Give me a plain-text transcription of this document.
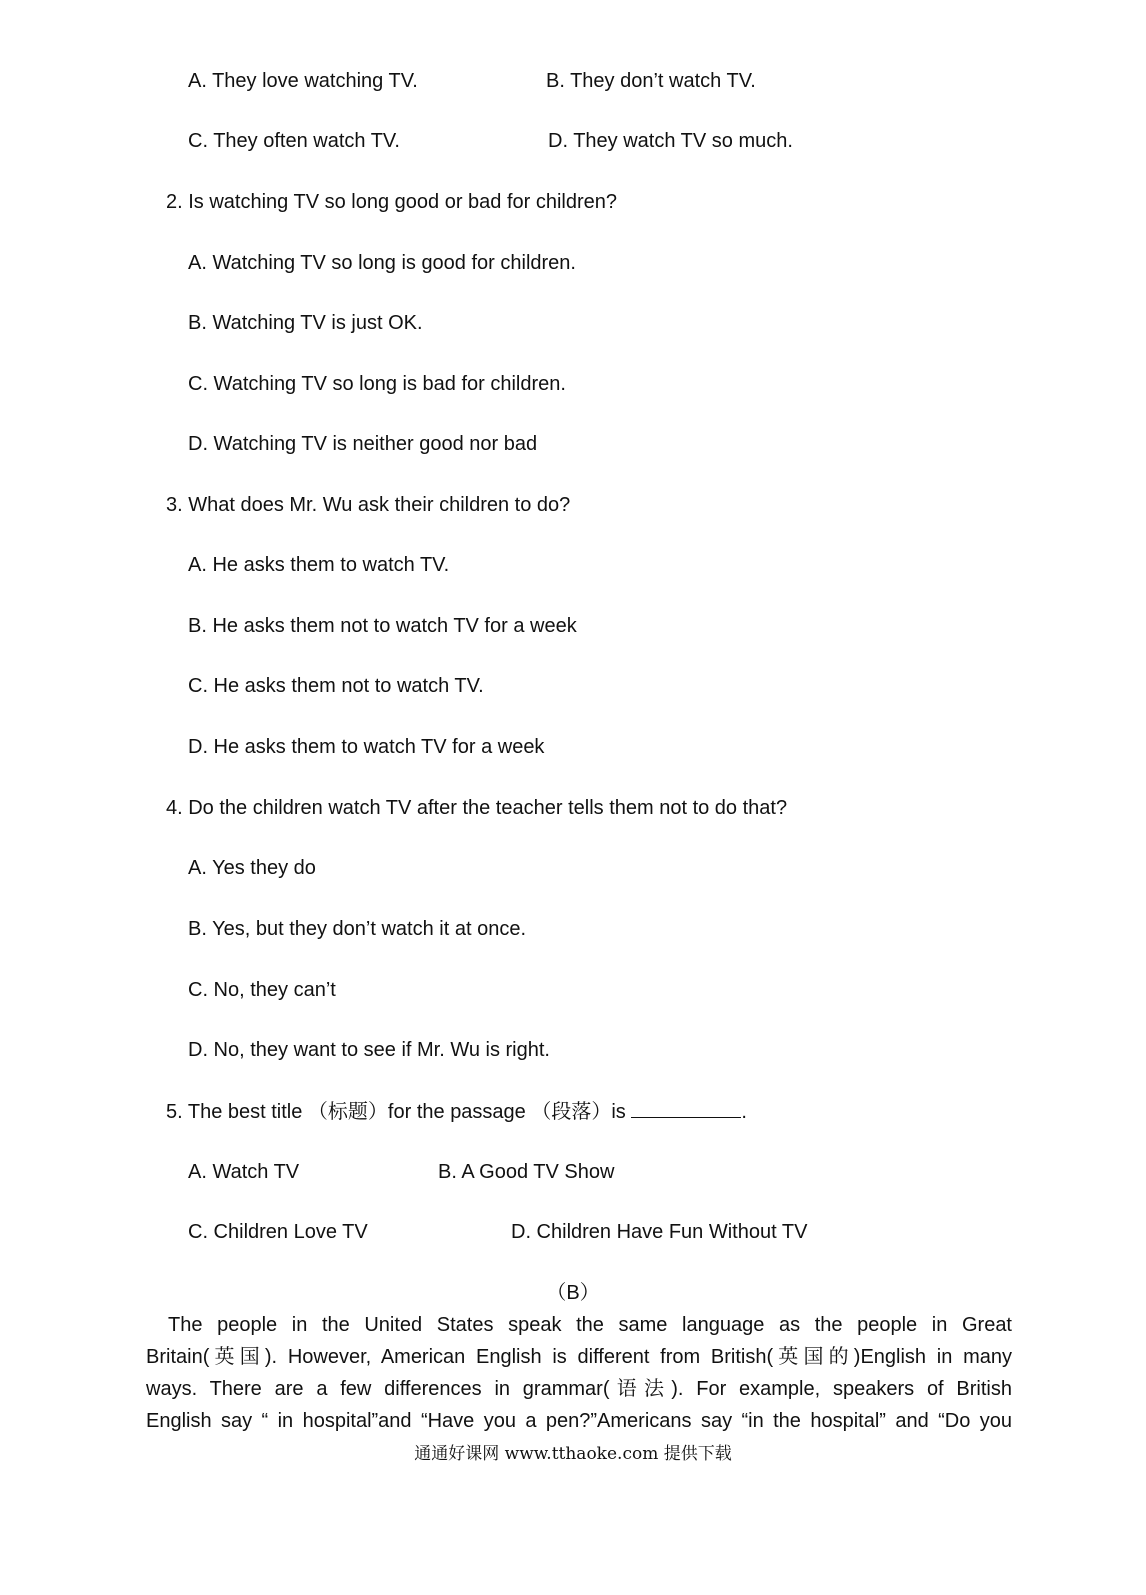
A. They love watching TV.	B. They don’t watch TV.
C. They often watch TV.	D. They watch TV so much.
2. Is watching TV so long good or bad for children?
A. Watching TV so long is good for children.
B. Watching TV is just OK.
C. Watching TV so long is bad for children.
D. Watching TV is neither good nor bad
3. What does Mr. Wu ask their children to do?
A. He asks them to watch TV.
B. He asks them not to watch TV for a week
C. He asks them not to watch TV.
D. He asks them to watch TV for a week
4. Do the children watch TV after the teacher tells them not to do that?
A. Yes they do
B. Yes, but they don’t watch it at once.
C. No, they can’t
D. No, they want to see if Mr. Wu is right.
5. The best title （标题）for the passage （段落）is	.
A. Watch TV	B. A Good TV Show
C. Children Love TV	D. Children Have Fun Without TV
（B）
The people in the United States speak the same language as the people in Great
Britain(英国). However, American English is different from British(英国的)English in many
ways. There are a few differences in grammar(语法). For example, speakers of British
English say “ in hospital”and “Have you a pen?”Americans say “in the hospital” and “Do you
通通好课网 www.tthaoke.com 提供下载
